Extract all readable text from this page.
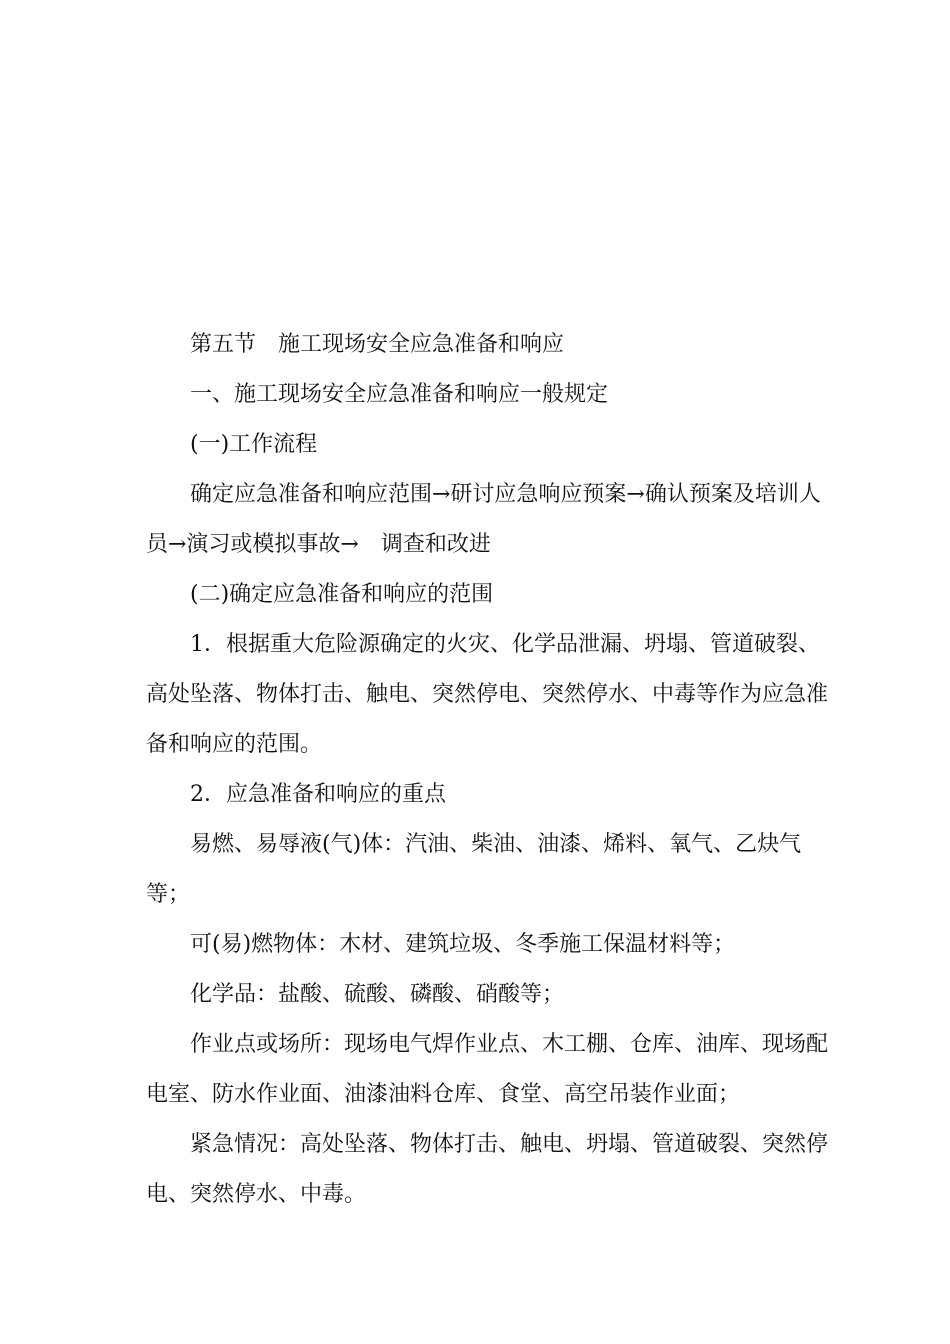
第五节　施工现场安全应急准备和响应

一、施工现场安全应急准备和响应一般规定

(一)工作流程

确定应急准备和响应范围→研讨应急响应预案→确认预案及培训人员→演习或模拟事故→　调查和改进

(二)确定应急准备和响应的范围

1．根据重大危险源确定的火灾、化学品泄漏、坍塌、管道破裂、高处坠落、物体打击、触电、突然停电、突然停水、中毒等作为应急准备和响应的范围。

2．应急准备和响应的重点

易燃、易辱液(气)体：汽油、柴油、油漆、烯料、氧气、乙炔气等；

可(易)燃物体：木材、建筑垃圾、冬季施工保温材料等；

化学品：盐酸、硫酸、磷酸、硝酸等；

作业点或场所：现场电气焊作业点、木工棚、仓库、油库、现场配电室、防水作业面、油漆油料仓库、食堂、高空吊装作业面；

紧急情况：高处坠落、物体打击、触电、坍塌、管道破裂、突然停电、突然停水、中毒。
